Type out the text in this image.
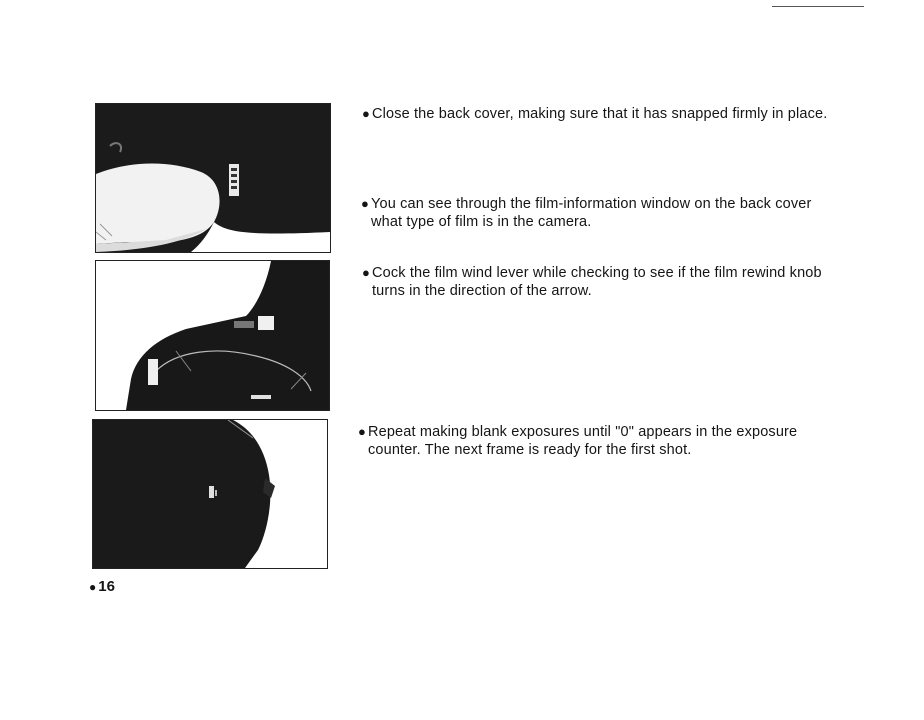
● Close the back cover, making sure that it has snapped firmly in place.
● You can see through the film-information window on the back cover what type of film is in the camera.
● Cock the film wind lever while checking to see if the film rewind knob turns in the direction of the arrow.
● Repeat making blank exposures until "0" appears in the exposure counter. The next frame is ready for the first shot.
● 16
